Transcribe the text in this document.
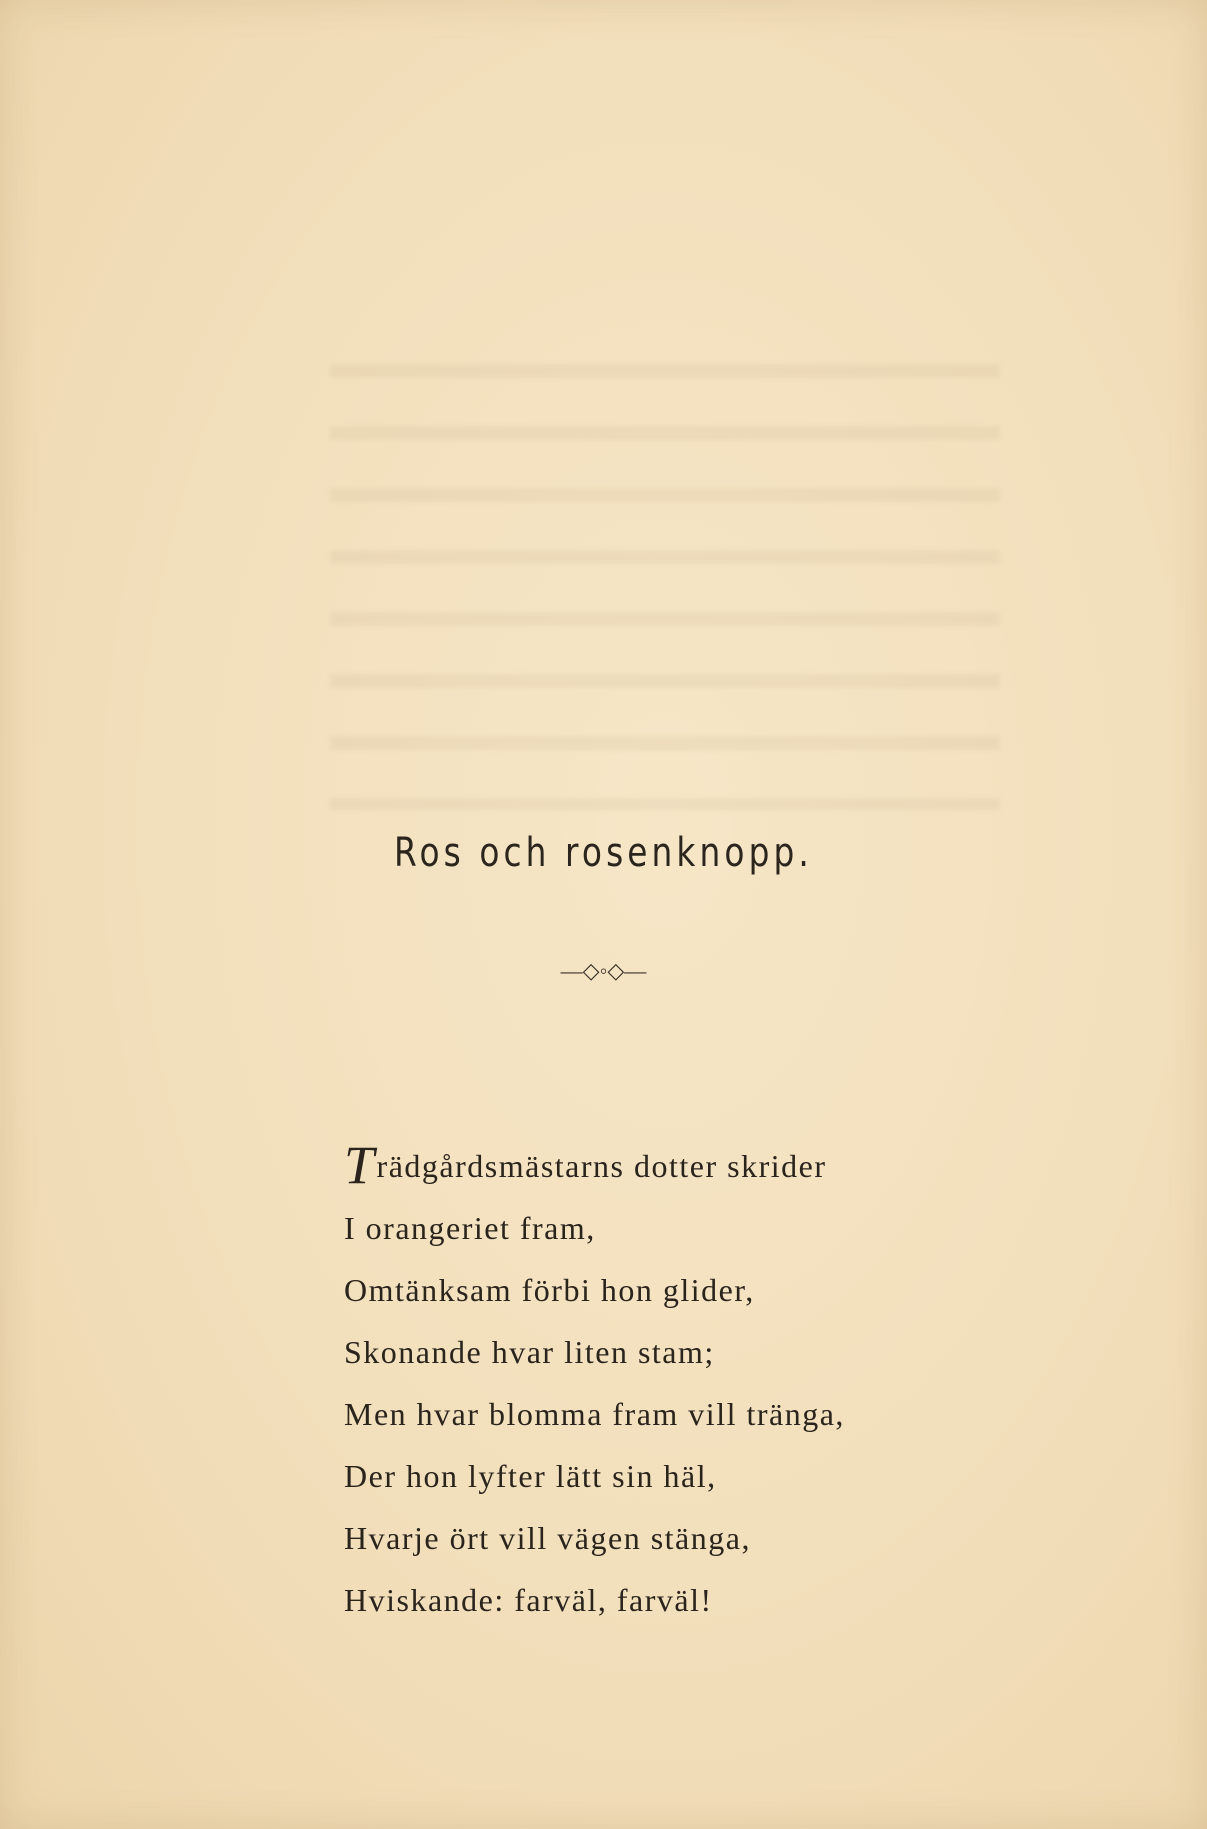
Ros och rosenknopp.
—◇◦◇—
Trädgårdsmästarns dotter skrider
I orangeriet fram,
Omtänksam förbi hon glider,
Skonande hvar liten stam;
Men hvar blomma fram vill tränga,
Der hon lyfter lätt sin häl,
Hvarje ört vill vägen stänga,
Hviskande: farväl, farväl!
